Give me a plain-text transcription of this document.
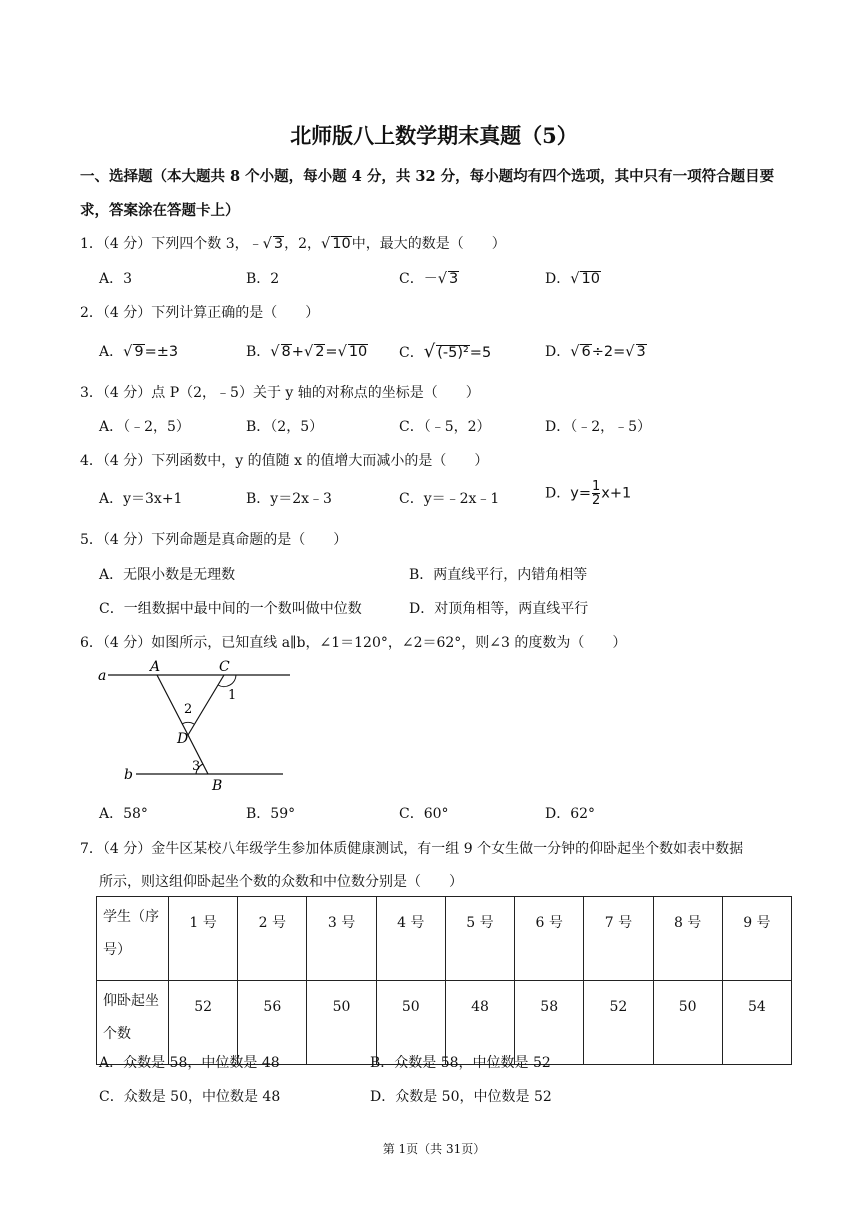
北师版八上数学期末真题（5）
一、选择题（本大题共 8 个小题，每小题 4 分，共 32 分，每小题均有四个选项，其中只有一项符合题目要
求，答案涂在答题卡上）
1．（4 分）下列四个数 3，﹣√ 3，2，√ 10中，最大的数是（　　）
A．3	B．2	C．－√ 3	D．√ 10
2．（4 分）下列计算正确的是（　　）
A．√ 9=±3	B．√ 8+√ 2=√ 10 C．√ (-5)²=5	D．√ 6÷2=√ 3
3．（4 分）点 P（2，﹣5）关于 y 轴的对称点的坐标是（　　）
A．（﹣2，5）	B．（2，5）	C．（﹣5，2）	D．（﹣2，﹣5）
4．（4 分）下列函数中，y 的值随 x 的值增大而减小的是（　　）
A．y＝3x+1	B．y＝2x﹣3	C．y＝﹣2x﹣1	D．$y= \frac{1}{2} x+1$
5．（4 分）下列命题是真命题的是（　　）
A．无限小数是无理数	B．两直线平行，内错角相等
C．一组数据中最中间的一个数叫做中位数	D．对顶角相等，两直线平行
6．（4 分）如图所示，已知直线 a∥b，∠1＝120°，∠2＝62°，则∠3 的度数为（　　）
a
b
A	C
D
B
1
2
3
A．58°	B．59°	C．60°	D．62°
7．（4 分）金牛区某校八年级学生参加体质健康测试，有一组 9 个女生做一分钟的仰卧起坐个数如表中数据
所示，则这组仰卧起坐个数的众数和中位数分别是（　　）
学生（序号）	1 号	2 号	3 号	4 号	5 号	6 号	7 号	8 号	9 号
仰卧起坐个数	52	56	50	50	48	58	52	50	54
A．众数是 58，中位数是 48	B．众数是 58，中位数是 52
C．众数是 50，中位数是 48	D．众数是 50，中位数是 52
第 1页（共 31页）
